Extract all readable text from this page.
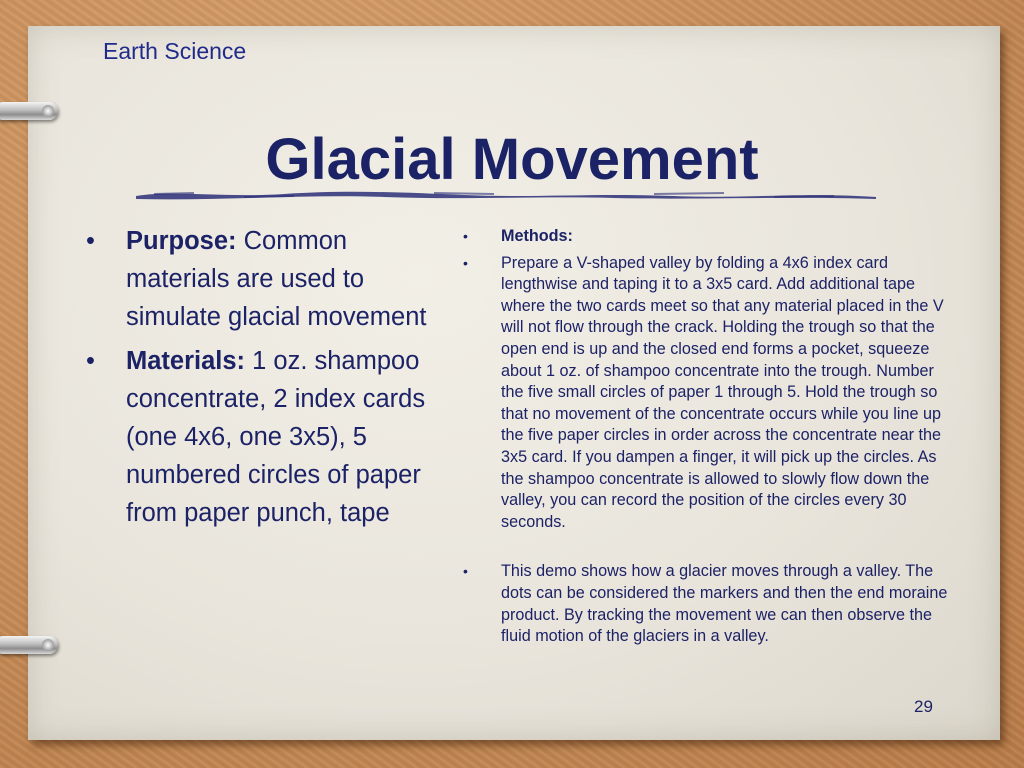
Earth Science
Glacial Movement
• Purpose: Common materials are used to simulate glacial movement
• Materials: 1 oz. shampoo concentrate, 2 index cards (one 4x6, one 3x5), 5 numbered circles of paper from paper punch, tape
• Methods:
• Prepare a V-shaped valley by folding a 4x6 index card lengthwise and taping it to a 3x5 card. Add additional tape where the two cards meet so that any material placed in the V will not flow through the crack. Holding the trough so that the open end is up and the closed end forms a pocket, squeeze about 1 oz. of shampoo concentrate into the trough. Number the five small circles of paper 1 through 5. Hold the trough so that no movement of the concentrate occurs while you line up the five paper circles in order across the concentrate near the 3x5 card. If you dampen a finger, it will pick up the circles. As the shampoo concentrate is allowed to slowly flow down the valley, you can record the position of the circles every 30 seconds.
• This demo shows how a glacier moves through a valley. The dots can be considered the markers and then the end moraine product. By tracking the movement we can then observe the fluid motion of the glaciers in a valley.
29
